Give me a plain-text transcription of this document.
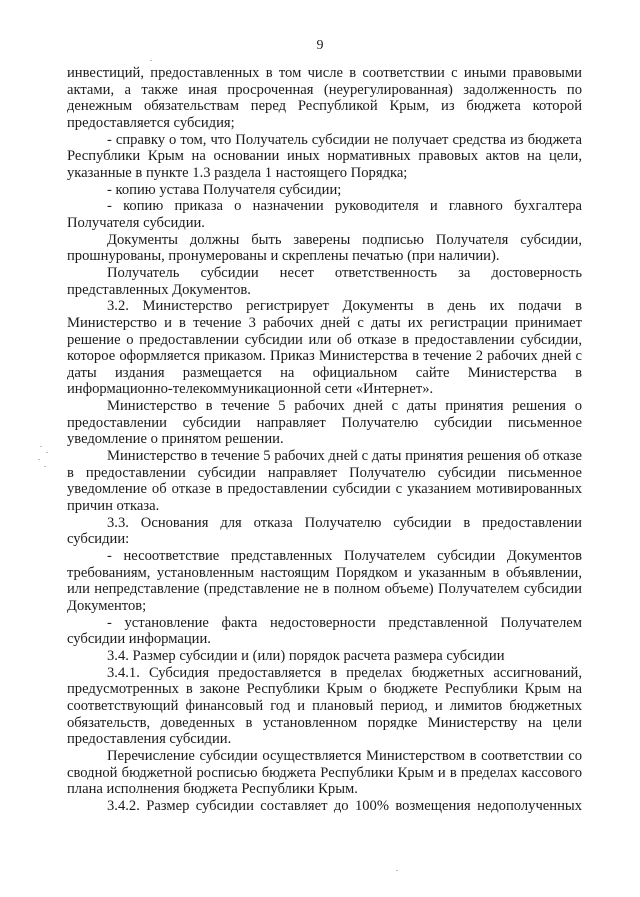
9

инвестиций, предоставленных в том числе в соответствии с иными правовыми актами, а также иная просроченная (неурегулированная) задолженность по денежным обязательствам перед Республикой Крым, из бюджета которой предоставляется субсидия;

- справку о том, что Получатель субсидии не получает средства из бюджета Республики Крым на основании иных нормативных правовых актов на цели, указанные в пункте 1.3 раздела 1 настоящего Порядка;

- копию устава Получателя субсидии;

- копию приказа о назначении руководителя и главного бухгалтера Получателя субсидии.

Документы должны быть заверены подписью Получателя субсидии, прошнурованы, пронумерованы и скреплены печатью (при наличии).

Получатель субсидии несет ответственность за достоверность представленных Документов.

3.2. Министерство регистрирует Документы в день их подачи в Министерство и в течение 3 рабочих дней с даты их регистрации принимает решение о предоставлении субсидии или об отказе в предоставлении субсидии, которое оформляется приказом. Приказ Министерства в течение 2 рабочих дней с даты издания размещается на официальном сайте Министерства в информационно-телекоммуникационной сети «Интернет».

Министерство в течение 5 рабочих дней с даты принятия решения о предоставлении субсидии направляет Получателю субсидии письменное уведомление о принятом решении.

Министерство в течение 5 рабочих дней с даты принятия решения об отказе в предоставлении субсидии направляет Получателю субсидии письменное уведомление об отказе в предоставлении субсидии с указанием мотивированных причин отказа.

3.3. Основания для отказа Получателю субсидии в предоставлении субсидии:

- несоответствие представленных Получателем субсидии Документов требованиям, установленным настоящим Порядком и указанным в объявлении, или непредставление (представление не в полном объеме) Получателем субсидии Документов;

- установление факта недостоверности представленной Получателем субсидии информации.

3.4. Размер субсидии и (или) порядок расчета размера субсидии

3.4.1. Субсидия предоставляется в пределах бюджетных ассигнований, предусмотренных в законе Республики Крым о бюджете Республики Крым на соответствующий финансовый год и плановый период, и лимитов бюджетных обязательств, доведенных в установленном порядке Министерству на цели предоставления субсидии.

Перечисление субсидии осуществляется Министерством в соответствии со сводной бюджетной росписью бюджета Республики Крым и в пределах кассового плана исполнения бюджета Республики Крым.

3.4.2. Размер субсидии составляет до 100% возмещения недополученных
